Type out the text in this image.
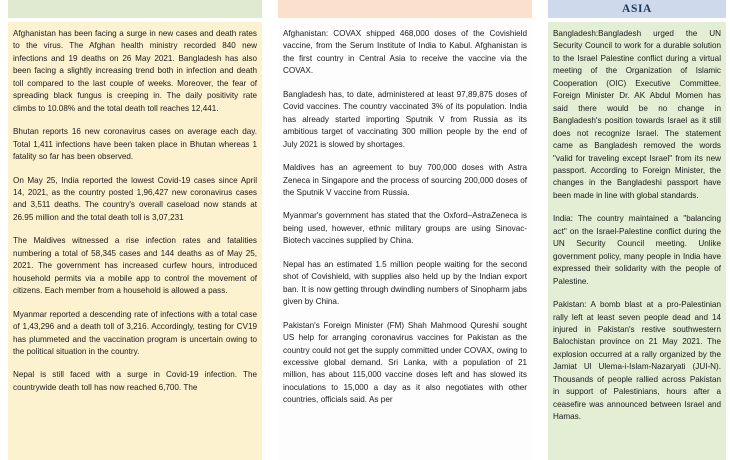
Afghanistan has been facing a surge in new cases and death rates to the virus. The Afghan health ministry recorded 840 new infections and 19 deaths on 26 May 2021. Bangladesh has also been facing a slightly increasing trend both in infection and death toll compared to the last couple of weeks. Moreover, the fear of spreading black fungus is creeping in. The daily positivity rate climbs to 10.08% and the total death toll reaches 12,441.

Bhutan reports 16 new coronavirus cases on average each day. Total 1,411 infections have been taken place in Bhutan whereas 1 fatality so far has been observed.

On May 25, India reported the lowest Covid-19 cases since April 14, 2021, as the country posted 1,96,427 new coronavirus cases and 3,511 deaths. The country's overall caseload now stands at 26.95 million and the total death toll is 3,07,231

The Maldives witnessed a rise infection rates and fatalities numbering a total of 58,345 cases and 144 deaths as of May 25, 2021. The government has increased curfew hours, introduced household permits via a mobile app to control the movement of citizens. Each member from a household is allowed a pass.

Myanmar reported a descending rate of infections with a total case of 1,43,296 and a death toll of 3,216. Accordingly, testing for CV19 has plummeted and the vaccination program is uncertain owing to the political situation in the country.

Nepal is still faced with a surge in Covid-19 infection. The countrywide death toll has now reached 6,700. The

Afghanistan: COVAX shipped 468,000 doses of the Covishield vaccine, from the Serum Institute of India to Kabul. Afghanistan is the first country in Central Asia to receive the vaccine via the COVAX.

Bangladesh has, to date, administered at least 97,89,875 doses of Covid vaccines. The country vaccinated 3% of its population. India has already started importing Sputnik V from Russia as its ambitious target of vaccinating 300 million people by the end of July 2021 is slowed by shortages.

Maldives has an agreement to buy 700,000 doses with Astra Zeneca in Singapore and the process of sourcing 200,000 doses of the Sputnik V vaccine from Russia.

Myanmar's government has stated that the Oxford–AstraZeneca is being used, however, ethnic military groups are using Sinovac-Biotech vaccines supplied by China.

Nepal has an estimated 1.5 million people waiting for the second shot of Covishield, with supplies also held up by the Indian export ban. It is now getting through dwindling numbers of Sinopharm jabs given by China.

Pakistan's Foreign Minister (FM) Shah Mahmood Qureshi sought US help for arranging coronavirus vaccines for Pakistan as the country could not get the supply committed under COVAX, owing to excessive global demand. Sri Lanka, with a population of 21 million, has about 115,000 vaccine doses left and has slowed its inoculations to 15,000 a day as it also negotiates with other countries, officials said. As per

ASIA

Bangladesh:Bangladesh urged the UN Security Council to work for a durable solution to the Israel Palestine conflict during a virtual meeting of the Organization of Islamic Cooperation (OIC) Executive Committee. Foreign Minister Dr. AK Abdul Momen has said there would be no change in Bangladesh's position towards Israel as it still does not recognize Israel. The statement came as Bangladesh removed the words "valid for traveling except Israel" from its new passport. According to Foreign Minister, the changes in the Bangladeshi passport have been made in line with global standards.

India: The country maintained a "balancing act" on the Israel-Palestine conflict during the UN Security Council meeting. Unlike government policy, many people in India have expressed their solidarity with the people of Palestine.

Pakistan: A bomb blast at a pro-Palestinian rally left at least seven people dead and 14 injured in Pakistan's restive southwestern Balochistan province on 21 May 2021. The explosion occurred at a rally organized by the Jamiat Ul Ulema-i-Islam-Nazaryati (JUI-N). Thousands of people rallied across Pakistan in support of Palestinians, hours after a ceasefire was announced between Israel and Hamas.
